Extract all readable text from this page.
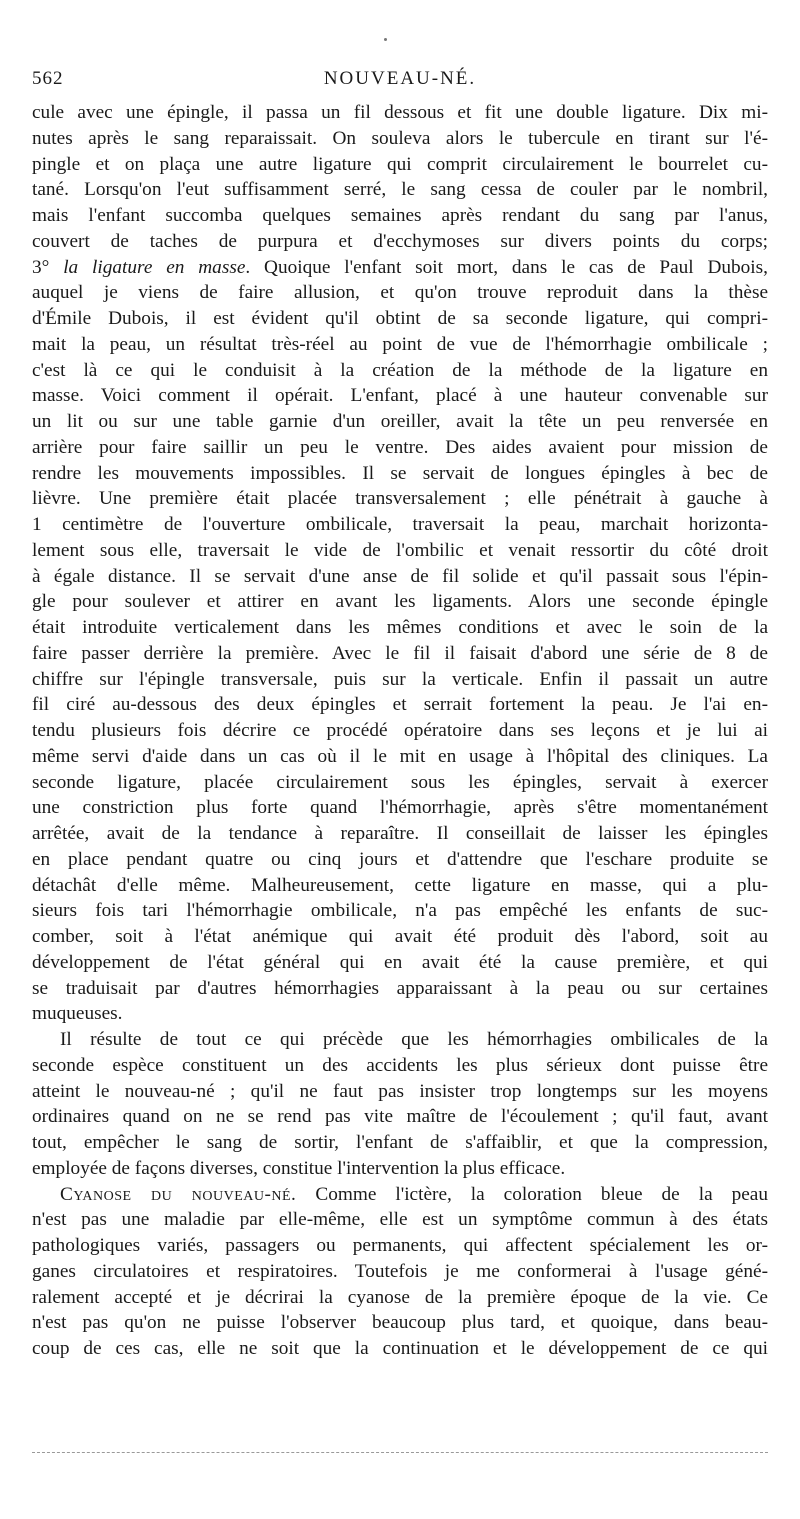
562	NOUVEAU-NÉ.
cule avec une épingle, il passa un fil dessous et fit une double ligature. Dix mi-
nutes après le sang reparaissait. On souleva alors le tubercule en tirant sur l'é-
pingle et on plaça une autre ligature qui comprit circulairement le bourrelet cu-
tané. Lorsqu'on l'eut suffisamment serré, le sang cessa de couler par le nombril,
mais l'enfant succomba quelques semaines après rendant du sang par l'anus,
couvert de taches de purpura et d'ecchymoses sur divers points du corps;
3° la ligature en masse. Quoique l'enfant soit mort, dans le cas de Paul Dubois,
auquel je viens de faire allusion, et qu'on trouve reproduit dans la thèse
d'Émile Dubois, il est évident qu'il obtint de sa seconde ligature, qui compri-
mait la peau, un résultat très-réel au point de vue de l'hémorrhagie ombilicale ;
c'est là ce qui le conduisit à la création de la méthode de la ligature en
masse. Voici comment il opérait. L'enfant, placé à une hauteur convenable sur
un lit ou sur une table garnie d'un oreiller, avait la tête un peu renversée en
arrière pour faire saillir un peu le ventre. Des aides avaient pour mission de
rendre les mouvements impossibles. Il se servait de longues épingles à bec de
lièvre. Une première était placée transversalement ; elle pénétrait à gauche à
1 centimètre de l'ouverture ombilicale, traversait la peau, marchait horizonta-
lement sous elle, traversait le vide de l'ombilic et venait ressortir du côté droit
à égale distance. Il se servait d'une anse de fil solide et qu'il passait sous l'épin-
gle pour soulever et attirer en avant les ligaments. Alors une seconde épingle
était introduite verticalement dans les mêmes conditions et avec le soin de la
faire passer derrière la première. Avec le fil il faisait d'abord une série de 8 de
chiffre sur l'épingle transversale, puis sur la verticale. Enfin il passait un autre
fil ciré au-dessous des deux épingles et serrait fortement la peau. Je l'ai en-
tendu plusieurs fois décrire ce procédé opératoire dans ses leçons et je lui ai
même servi d'aide dans un cas où il le mit en usage à l'hôpital des cliniques. La
seconde ligature, placée circulairement sous les épingles, servait à exercer
une constriction plus forte quand l'hémorrhagie, après s'être momentanément
arrêtée, avait de la tendance à reparaître. Il conseillait de laisser les épingles
en place pendant quatre ou cinq jours et d'attendre que l'eschare produite se
détachât d'elle même. Malheureusement, cette ligature en masse, qui a plu-
sieurs fois tari l'hémorrhagie ombilicale, n'a pas empêché les enfants de suc-
comber, soit à l'état anémique qui avait été produit dès l'abord, soit au
développement de l'état général qui en avait été la cause première, et qui
se traduisait par d'autres hémorrhagies apparaissant à la peau ou sur certaines
muqueuses.
Il résulte de tout ce qui précède que les hémorrhagies ombilicales de la
seconde espèce constituent un des accidents les plus sérieux dont puisse être
atteint le nouveau-né ; qu'il ne faut pas insister trop longtemps sur les moyens
ordinaires quand on ne se rend pas vite maître de l'écoulement ; qu'il faut, avant
tout, empêcher le sang de sortir, l'enfant de s'affaiblir, et que la compression,
employée de façons diverses, constitue l'intervention la plus efficace.
Cyanose du nouveau-né. Comme l'ictère, la coloration bleue de la peau
n'est pas une maladie par elle-même, elle est un symptôme commun à des états
pathologiques variés, passagers ou permanents, qui affectent spécialement les or-
ganes circulatoires et respiratoires. Toutefois je me conformerai à l'usage géné-
ralement accepté et je décrirai la cyanose de la première époque de la vie. Ce
n'est pas qu'on ne puisse l'observer beaucoup plus tard, et quoique, dans beau-
coup de ces cas, elle ne soit que la continuation et le développement de ce qui
